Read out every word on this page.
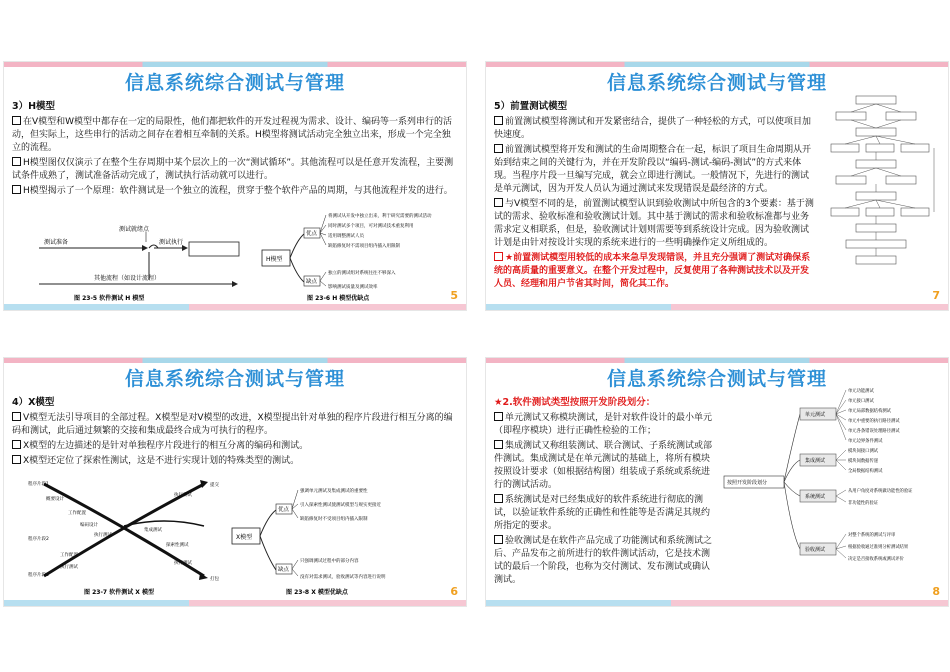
信息系统综合测试与管理
3）H模型

在V模型和W模型中都存在一定的局限性，他们都把软件的开发过程视为需求、设计、编码等一系列串行的活动，但实际上，这些串行的活动之间存在着相互牵制的关系。H模型将测试活动完全独立出来，形成一个完全独立的流程。

H模型图仅仅演示了在整个生存周期中某个层次上的一次“测试循环”。其他流程可以是任意开发流程，主要测试条件成熟了，测试准备活动完成了，测试执行活动就可以进行。

H模型揭示了一个原理：软件测试是一个独立的流程，贯穿于整个软件产品的周期，与其他流程并发的进行。

测试就绪点
测试准备	测试执行
其他流程（如设计流程）
图 23-5 软件测试 H 模型
H模型
优点
缺点
将测试从开发中独立出来，利于研究需要的测试活动
同时测试多个项目，可对测试技术重复利用
适用调整测试人员
缺陷修复时不需项目组内插入用限制
独立的测试组对系统往往不够深入
影响测试质量及测试效率
图 23-6 H 模型优缺点	5
信息系统综合测试与管理
5）前置测试模型

前置测试模型将测试和开发紧密结合，提供了一种轻松的方式，可以使项目加快速度。

前置测试模型将开发和测试的生命周期整合在一起，标识了项目生命周期从开始到结束之间的关键行为，并在开发阶段以“编码-测试-编码-测试”的方式来体现。当程序片段一旦编写完成，就会立即进行测试。一般情况下，先进行的测试是单元测试，因为开发人员认为通过测试来发现错误是最经济的方式。

与V模型不同的是，前置测试模型认识到验收测试中所包含的3个要素：基于测试的需求、验收标准和验收测试计划。其中基于测试的需求和验收标准都与业务需求定义相联系，但是，验收测试计划则需要等到系统设计完成。因为验收测试计划是由针对按设计实现的系统来进行的一些明确操作定义所组成的。

★前置测试模型用较低的成本来急早发现错误，并且充分强调了测试对确保系统的高质量的重要意义。在整个开发过程中，反复使用了各种测试技术以及开发人员、经理和用户节省其时间，简化其工作。

7
信息系统综合测试与管理
4）X模型

V模型无法引导项目的全部过程。X模型是对V模型的改进，X模型提出针对单独的程序片段进行相互分离的编码和测试，此后通过频繁的交接和集成最终合成为可执行的程序。

X模型的左边描述的是针对单独程序片段进行的相互分离的编码和测试。

X模型还定位了探索性测试，这是不进行实现计划的特殊类型的测试。

程序片段1
概要设计
工作配置
编码设计
执行测试
集成测试
程序片段2
工作配置
程序片段3
执行测试
探索性测试
执行测试
执行测试
提交
打包
图 23-7 软件测试 X 模型
X模型
优点
缺点
强调单元测试及集成测试的重要性
引入探索性测试使测试模型与规实更接近
缺陷修复时不受项目组内插入限制
只强调测试过程中的部分内容
没有对需求测试，验收测试等内容进行说明
图 23-8 X 模型优缺点	6
信息系统综合测试与管理
★2.软件测试类型按照开发阶段划分：

单元测试又称模块测试，是针对软件设计的最小单元（即程序模块）进行正确性检验的工作；

集成测试又称组装测试、联合测试、子系统测试或部件测试。集成测试是在单元测试的基础上，将所有模块按照设计要求（如根据结构图）组装成子系统或系统进行的测试活动。

系统测试是对已经集成好的软件系统进行彻底的测试，以验证软件系统的正确性和性能等是否满足其规约所指定的要求。

验收测试是在软件产品完成了功能测试和系统测试之后、产品发布之前所进行的软件测试活动，它是技术测试的最后一个阶段，也称为交付测试、发布测试或确认测试。

按照开发阶段划分
单元测试
集成测试
系统测试
验收测试
单元功能测试
单元接口测试
单元局部数据结构测试
单元中重要的执行路径测试
单元各条错误处理路径测试
单元边界条件测试
模块间接口测试
模块间数据传递
全局数据结构测试
从用户角度对系统做功能性的验证
非功能性的验证
对整个系统的测试与评审
根据验收通过准则分析测试结果
决定是否接收系统或测试评价
8
